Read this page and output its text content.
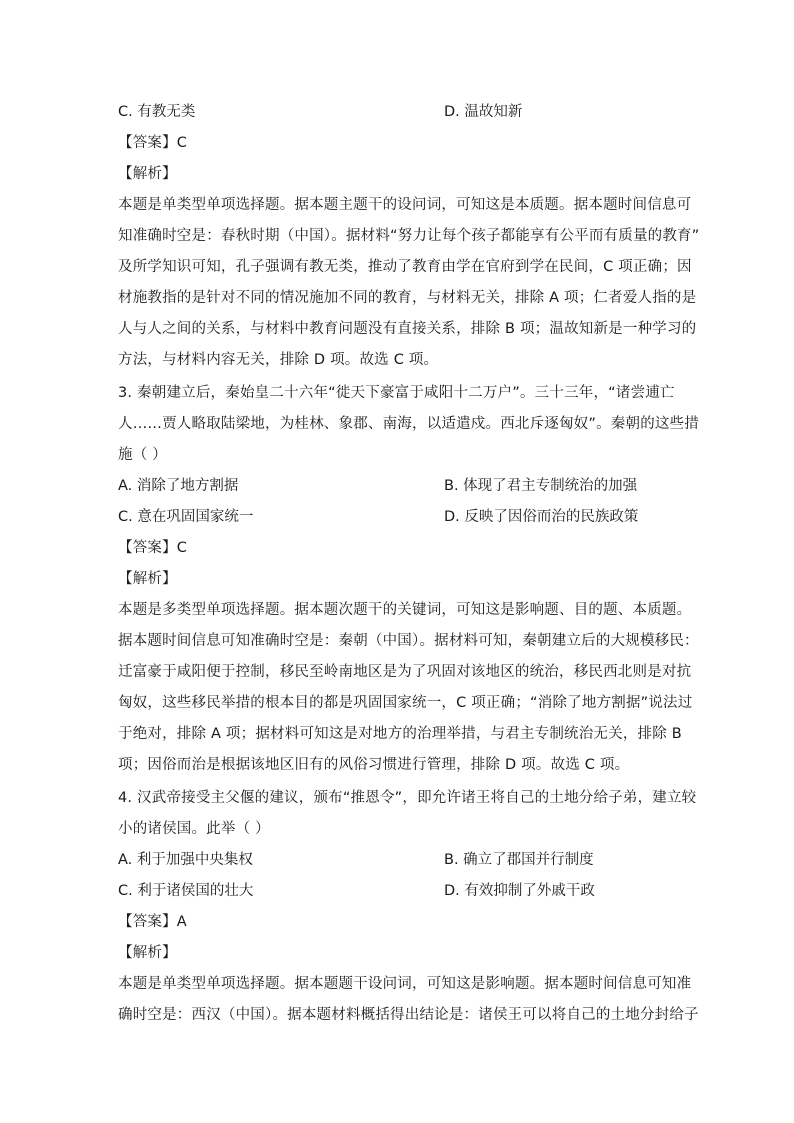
C. 有教无类	D. 温故知新
【答案】C
【解析】
本题是单类型单项选择题。据本题主题干的设问词，可知这是本质题。据本题时间信息可
知准确时空是：春秋时期（中国）。据材料“努力让每个孩子都能享有公平而有质量的教育”
及所学知识可知，孔子强调有教无类，推动了教育由学在官府到学在民间，C 项正确；因
材施教指的是针对不同的情况施加不同的教育，与材料无关，排除 A 项；仁者爱人指的是
人与人之间的关系，与材料中教育问题没有直接关系，排除 B 项；温故知新是一种学习的
方法，与材料内容无关，排除 D 项。故选 C 项。
3. 秦朝建立后，秦始皇二十六年“徙天下豪富于咸阳十二万户”。三十三年，“诸尝逋亡
人……贾人略取陆梁地，为桂林、象郡、南海，以适遣戍。西北斥逐匈奴”。秦朝的这些措
施（ ）
A. 消除了地方割据	B. 体现了君主专制统治的加强
C. 意在巩固国家统一	D. 反映了因俗而治的民族政策
【答案】C
【解析】
本题是多类型单项选择题。据本题次题干的关键词，可知这是影响题、目的题、本质题。
据本题时间信息可知准确时空是：秦朝（中国）。据材料可知，秦朝建立后的大规模移民：
迁富豪于咸阳便于控制，移民至岭南地区是为了巩固对该地区的统治，移民西北则是对抗
匈奴，这些移民举措的根本目的都是巩固国家统一，C 项正确；“消除了地方割据”说法过
于绝对，排除 A 项；据材料可知这是对地方的治理举措，与君主专制统治无关，排除 B
项；因俗而治是根据该地区旧有的风俗习惯进行管理，排除 D 项。故选 C 项。
4. 汉武帝接受主父偃的建议，颁布“推恩令”，即允许诸王将自己的土地分给子弟，建立较
小的诸侯国。此举（ ）
A. 利于加强中央集权	B. 确立了郡国并行制度
C. 利于诸侯国的壮大	D. 有效抑制了外戚干政
【答案】A
【解析】
本题是单类型单项选择题。据本题题干设问词，可知这是影响题。据本题时间信息可知准
确时空是：西汉（中国）。据本题材料概括得出结论是：诸侯王可以将自己的土地分封给子
